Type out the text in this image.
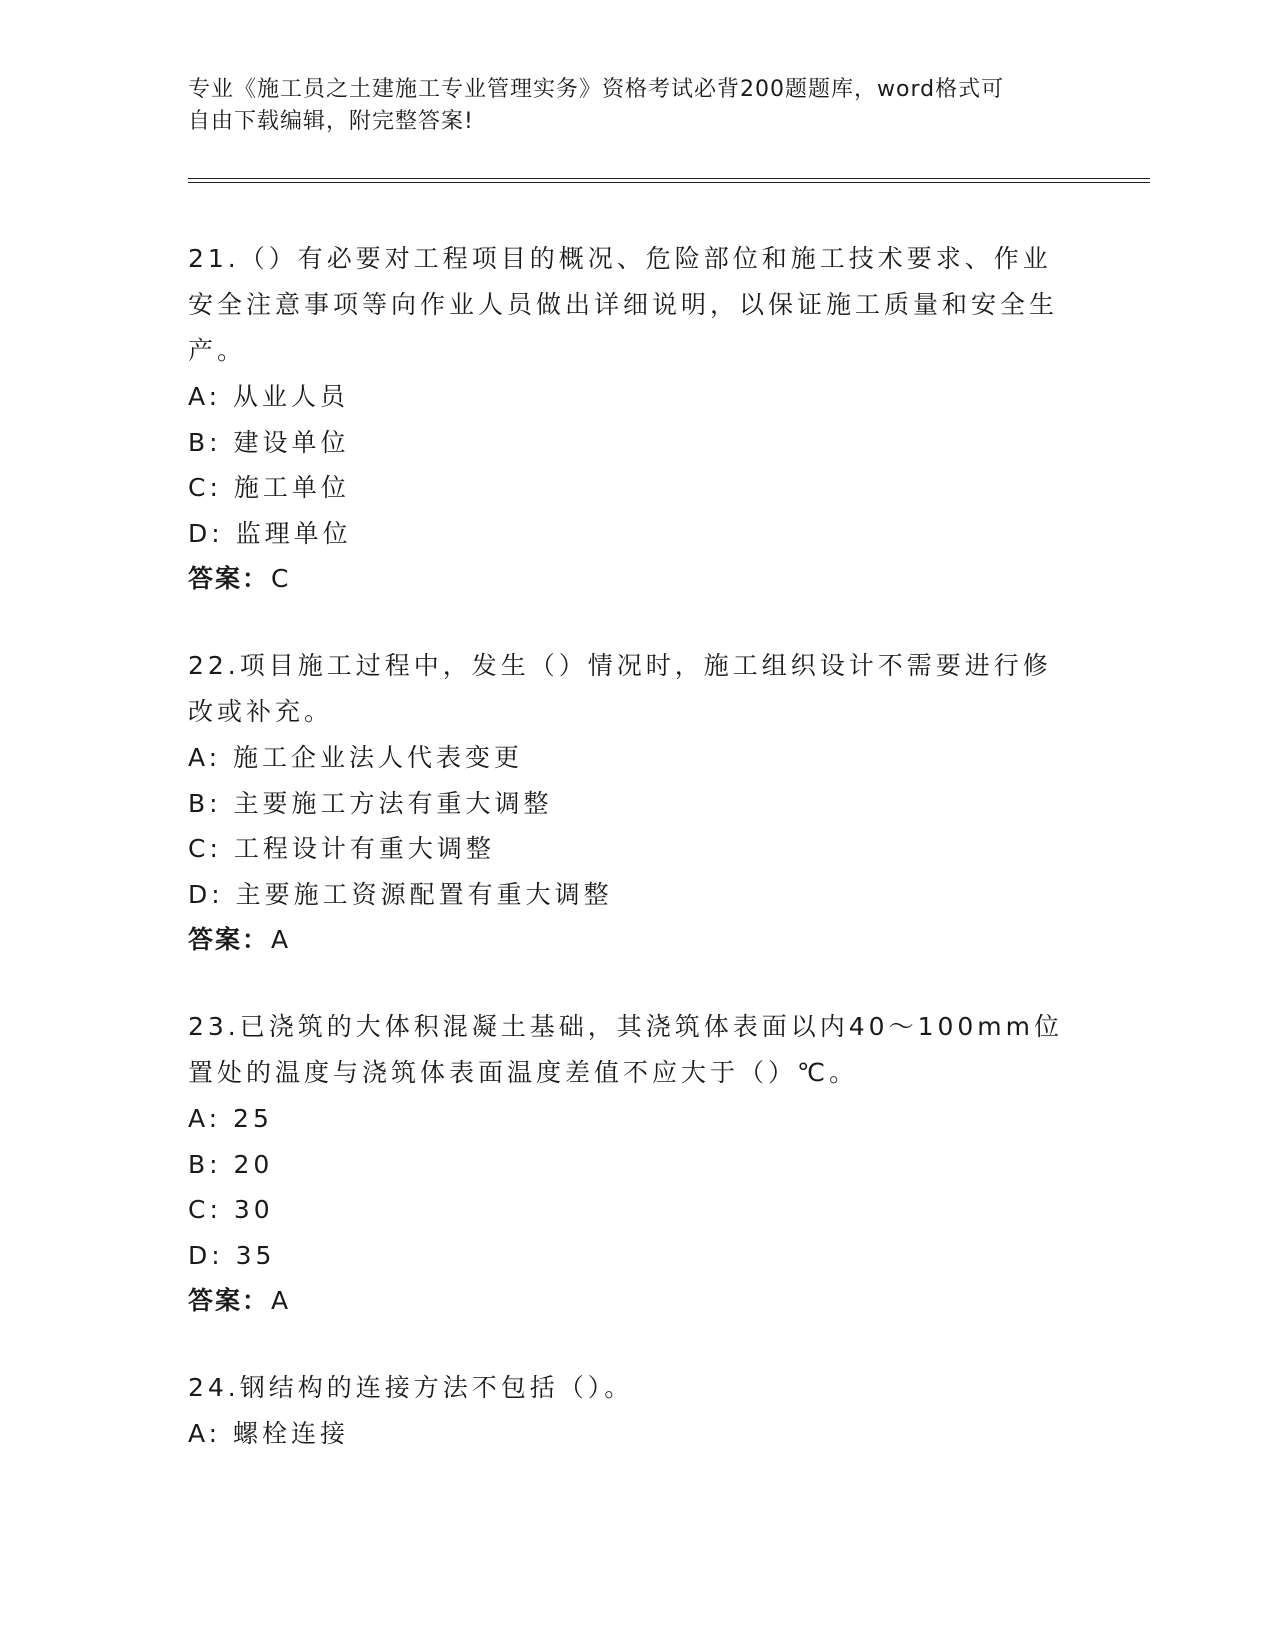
专业《施工员之土建施工专业管理实务》资格考试必背200题题库，word格式可
自由下载编辑，附完整答案!
21.（）有必要对工程项目的概况、危险部位和施工技术要求、作业安全注意事项等向作业人员做出详细说明，以保证施工质量和安全生产。
A: 从业人员
B: 建设单位
C: 施工单位
D: 监理单位
答案：C
22.项目施工过程中，发生（）情况时，施工组织设计不需要进行修改或补充。
A: 施工企业法人代表变更
B: 主要施工方法有重大调整
C: 工程设计有重大调整
D: 主要施工资源配置有重大调整
答案：A
23.已浇筑的大体积混凝土基础，其浇筑体表面以内40～100mm位置处的温度与浇筑体表面温度差值不应大于（）℃。
A: 25
B: 20
C: 30
D: 35
答案：A
24.钢结构的连接方法不包括（）。
A: 螺栓连接
